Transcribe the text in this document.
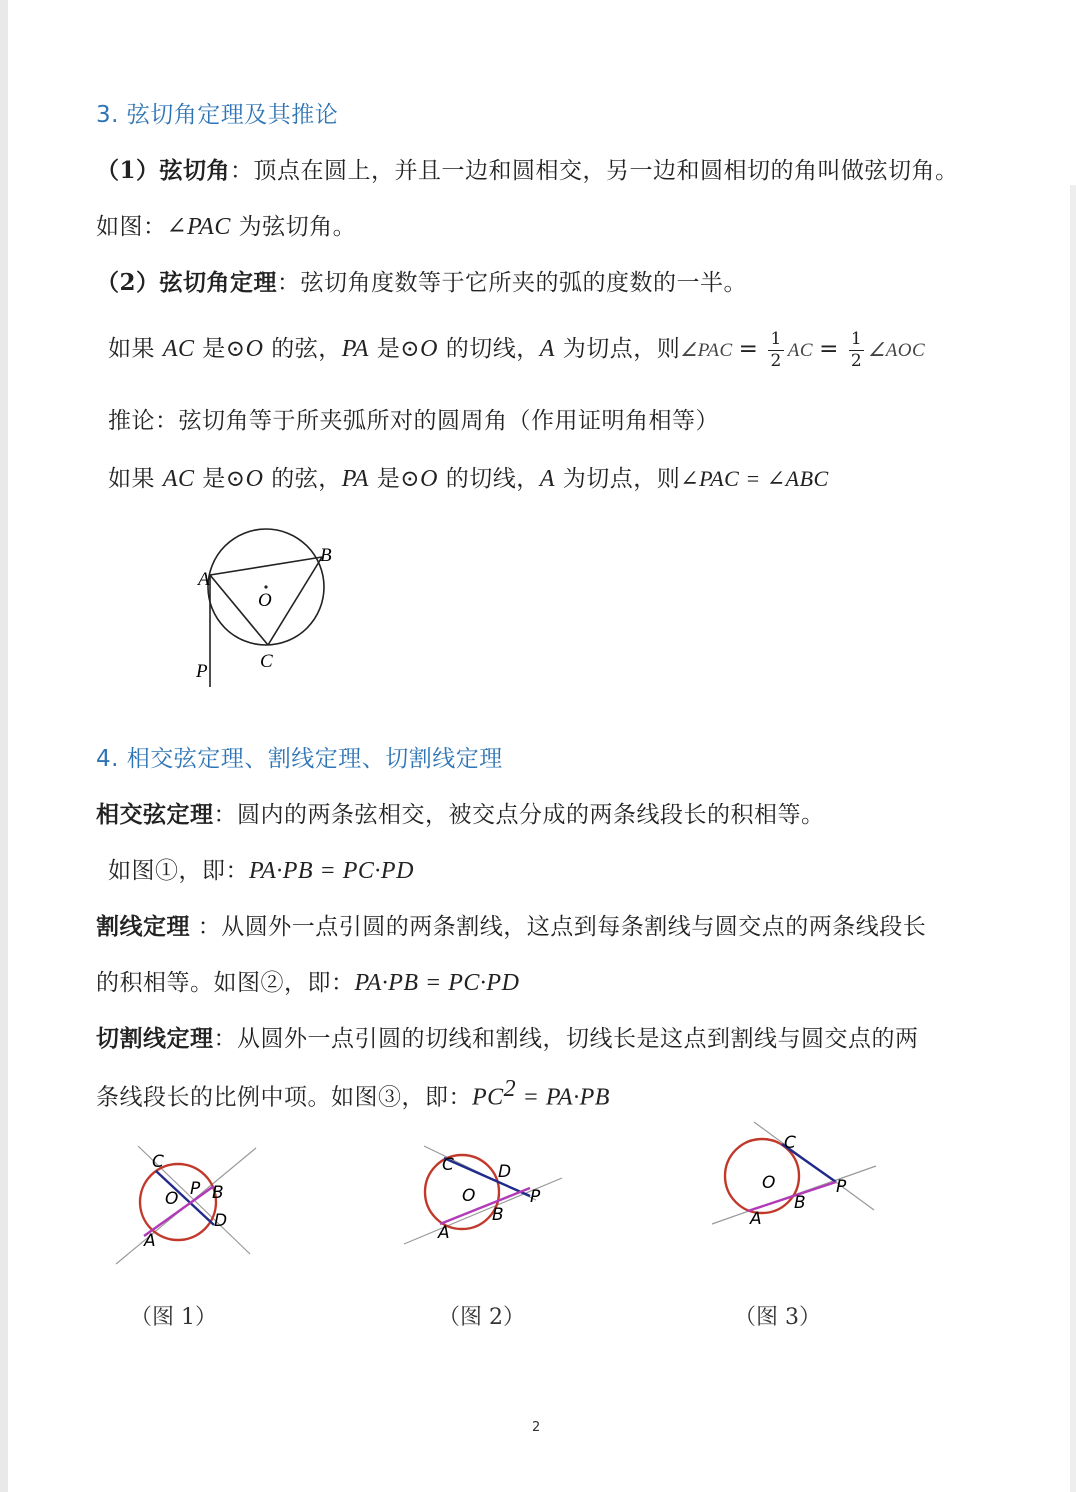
3. 弦切角定理及其推论
（1）弦切角：顶点在圆上，并且一边和圆相交，另一边和圆相切的角叫做弦切角。
如图：∠PAC 为弦切角。
（2）弦切角定理：弦切角度数等于它所夹的弧的度数的一半。
如果 AC 是⊙O 的弦，PA 是⊙O 的切线，A 为切点，则∠PAC = $\frac{1}{2}$ AC = $\frac{1}{2}$ ∠AOC
推论：弦切角等于所夹弧所对的圆周角（作用证明角相等）
如果 AC 是⊙O 的弦，PA 是⊙O 的切线，A 为切点，则∠PAC = ∠ABC
A
B
C
O
P
4. 相交弦定理、割线定理、切割线定理
相交弦定理：圆内的两条弦相交，被交点分成的两条线段长的积相等。
如图①，即：PA·PB = PC·PD
割线定理 ：从圆外一点引圆的两条割线，这点到每条割线与圆交点的两条线段长
的积相等。如图②，即：PA·PB = PC·PD
切割线定理：从圆外一点引圆的切线和割线，切线长是这点到割线与圆交点的两
条线段长的比例中项。如图③，即：$PC^2 = PA\cdot PB$
C
O P B
D
A
C	D
O	P
B
A
C
O	P
B
A
（图 1）	（图 2）	（图 3）
2
